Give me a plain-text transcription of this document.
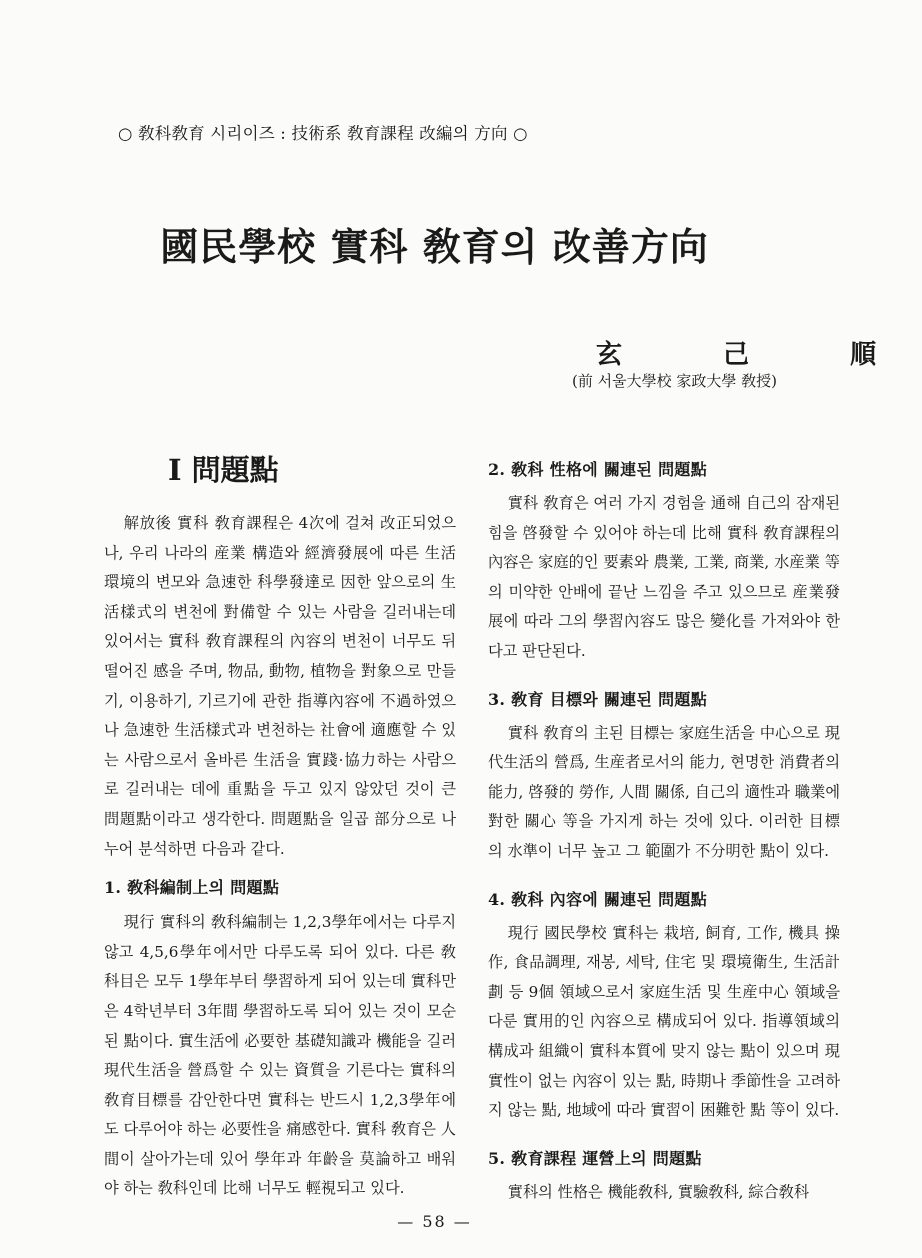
○ 敎科敎育 시리이즈 : 技術系 敎育課程 改編의 方向 ○
國民學校 實科 敎育의 改善方向
玄 己 順
(前 서울大學校 家政大學 敎授)
I 問題點

解放後 實科 敎育課程은 4次에 걸쳐 改正되었으나, 우리 나라의 産業 構造와 經濟發展에 따른 生活環境의 변모와 急速한 科學發達로 因한 앞으로의 生活樣式의 변천에 對備할 수 있는 사람을 길러내는데 있어서는 實科 敎育課程의 內容의 변천이 너무도 뒤떨어진 感을 주며, 物品, 動物, 植物을 對象으로 만들기, 이용하기, 기르기에 관한 指導內容에 不過하였으나 急速한 生活樣式과 변천하는 社會에 適應할 수 있는 사람으로서 올바른 生活을 實踐·協力하는 사람으로 길러내는 데에 重點을 두고 있지 않았던 것이 큰 問題點이라고 생각한다. 問題點을 일곱 部分으로 나누어 분석하면 다음과 같다.

1. 敎科編制上의 問題點

現行 實科의 敎科編制는 1,2,3學年에서는 다루지 않고 4,5,6學年에서만 다루도록 되어 있다. 다른 敎科目은 모두 1學年부터 學習하게 되어 있는데 實科만은 4학년부터 3年間 學習하도록 되어 있는 것이 모순된 點이다. 實生活에 必要한 基礎知識과 機能을 길러 現代生活을 營爲할 수 있는 資質을 기른다는 實科의 敎育目標를 감안한다면 實科는 반드시 1,2,3學年에도 다루어야 하는 必要性을 痛感한다. 實科 敎育은 人間이 살아가는데 있어 學年과 年齡을 莫論하고 배워야 하는 敎科인데 比해 너무도 輕視되고 있다.

2. 敎科 性格에 關連된 問題點

實科 敎育은 여러 가지 경험을 通해 自己의 잠재된 힘을 啓發할 수 있어야 하는데 比해 實科 敎育課程의 內容은 家庭的인 要素와 農業, 工業, 商業, 水産業 等의 미약한 안배에 끝난 느낌을 주고 있으므로 産業發展에 따라 그의 學習內容도 많은 變化를 가져와야 한다고 판단된다.

3. 敎育 目標와 關連된 問題點

實科 敎育의 主된 目標는 家庭生活을 中心으로 現代生活의 營爲, 生産者로서의 能力, 현명한 消費者의 能力, 啓發的 勞作, 人間 關係, 自己의 適性과 職業에 對한 關心 等을 가지게 하는 것에 있다. 이러한 目標의 水準이 너무 높고 그 範圍가 不分明한 點이 있다.

4. 敎科 內容에 關連된 問題點

現行 國民學校 實科는 栽培, 飼育, 工作, 機具 操作, 食品調理, 재봉, 세탁, 住宅 및 環境衛生, 生活計劃 등 9個 領域으로서 家庭生活 및 生産中心 領域을 다룬 實用的인 內容으로 構成되어 있다. 指導領域의 構成과 組織이 實科本質에 맞지 않는 點이 있으며 現實性이 없는 內容이 있는 點, 時期나 季節性을 고려하지 않는 點, 地域에 따라 實習이 困難한 點 等이 있다.

5. 敎育課程 運營上의 問題點

實科의 性格은 機能敎科, 實驗敎科, 綜合敎科

— 58 —
